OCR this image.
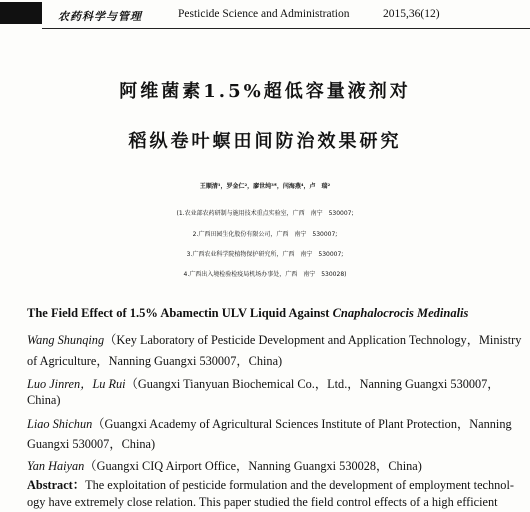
农药科学与管理	Pesticide Science and Administration	2015,36(12)
阿维菌素1.5%超低容量液剂对
稻纵卷叶螟田间防治效果研究
王顺清¹，罗金仁²，廖世纯³*，闫海燕⁴，卢　瑞²
(1.农业部农药研制与施用技术重点实验室，广西　南宁　530007;
2.广西田园生化股份有限公司，广西　南宁　530007;
3.广西农业科学院植物保护研究所，广西　南宁　530007;
4.广西出入境检验检疫局机场办事处，广西　南宁　530028)
The Field Effect of 1.5% Abamectin ULV Liquid Against Cnaphalocrocis Medinalis
Wang Shunqing（Key Laboratory of Pesticide Development and Application Technology，Ministry
of Agriculture，Nanning Guangxi 530007，China)
Luo Jinren，Lu Rui（Guangxi Tianyuan Biochemical Co.，Ltd.，Nanning Guangxi 530007，
China)
Liao Shichun（Guangxi Academy of Agricultural Sciences Institute of Plant Protection，Nanning
Guangxi 530007，China)
Yan Haiyan（Guangxi CIQ Airport Office，Nanning Guangxi 530028，China)
Abstract：The exploitation of pesticide formulation and the development of employment technol-
ogy have extremely close relation. This paper studied the field control effects of a high efficient
